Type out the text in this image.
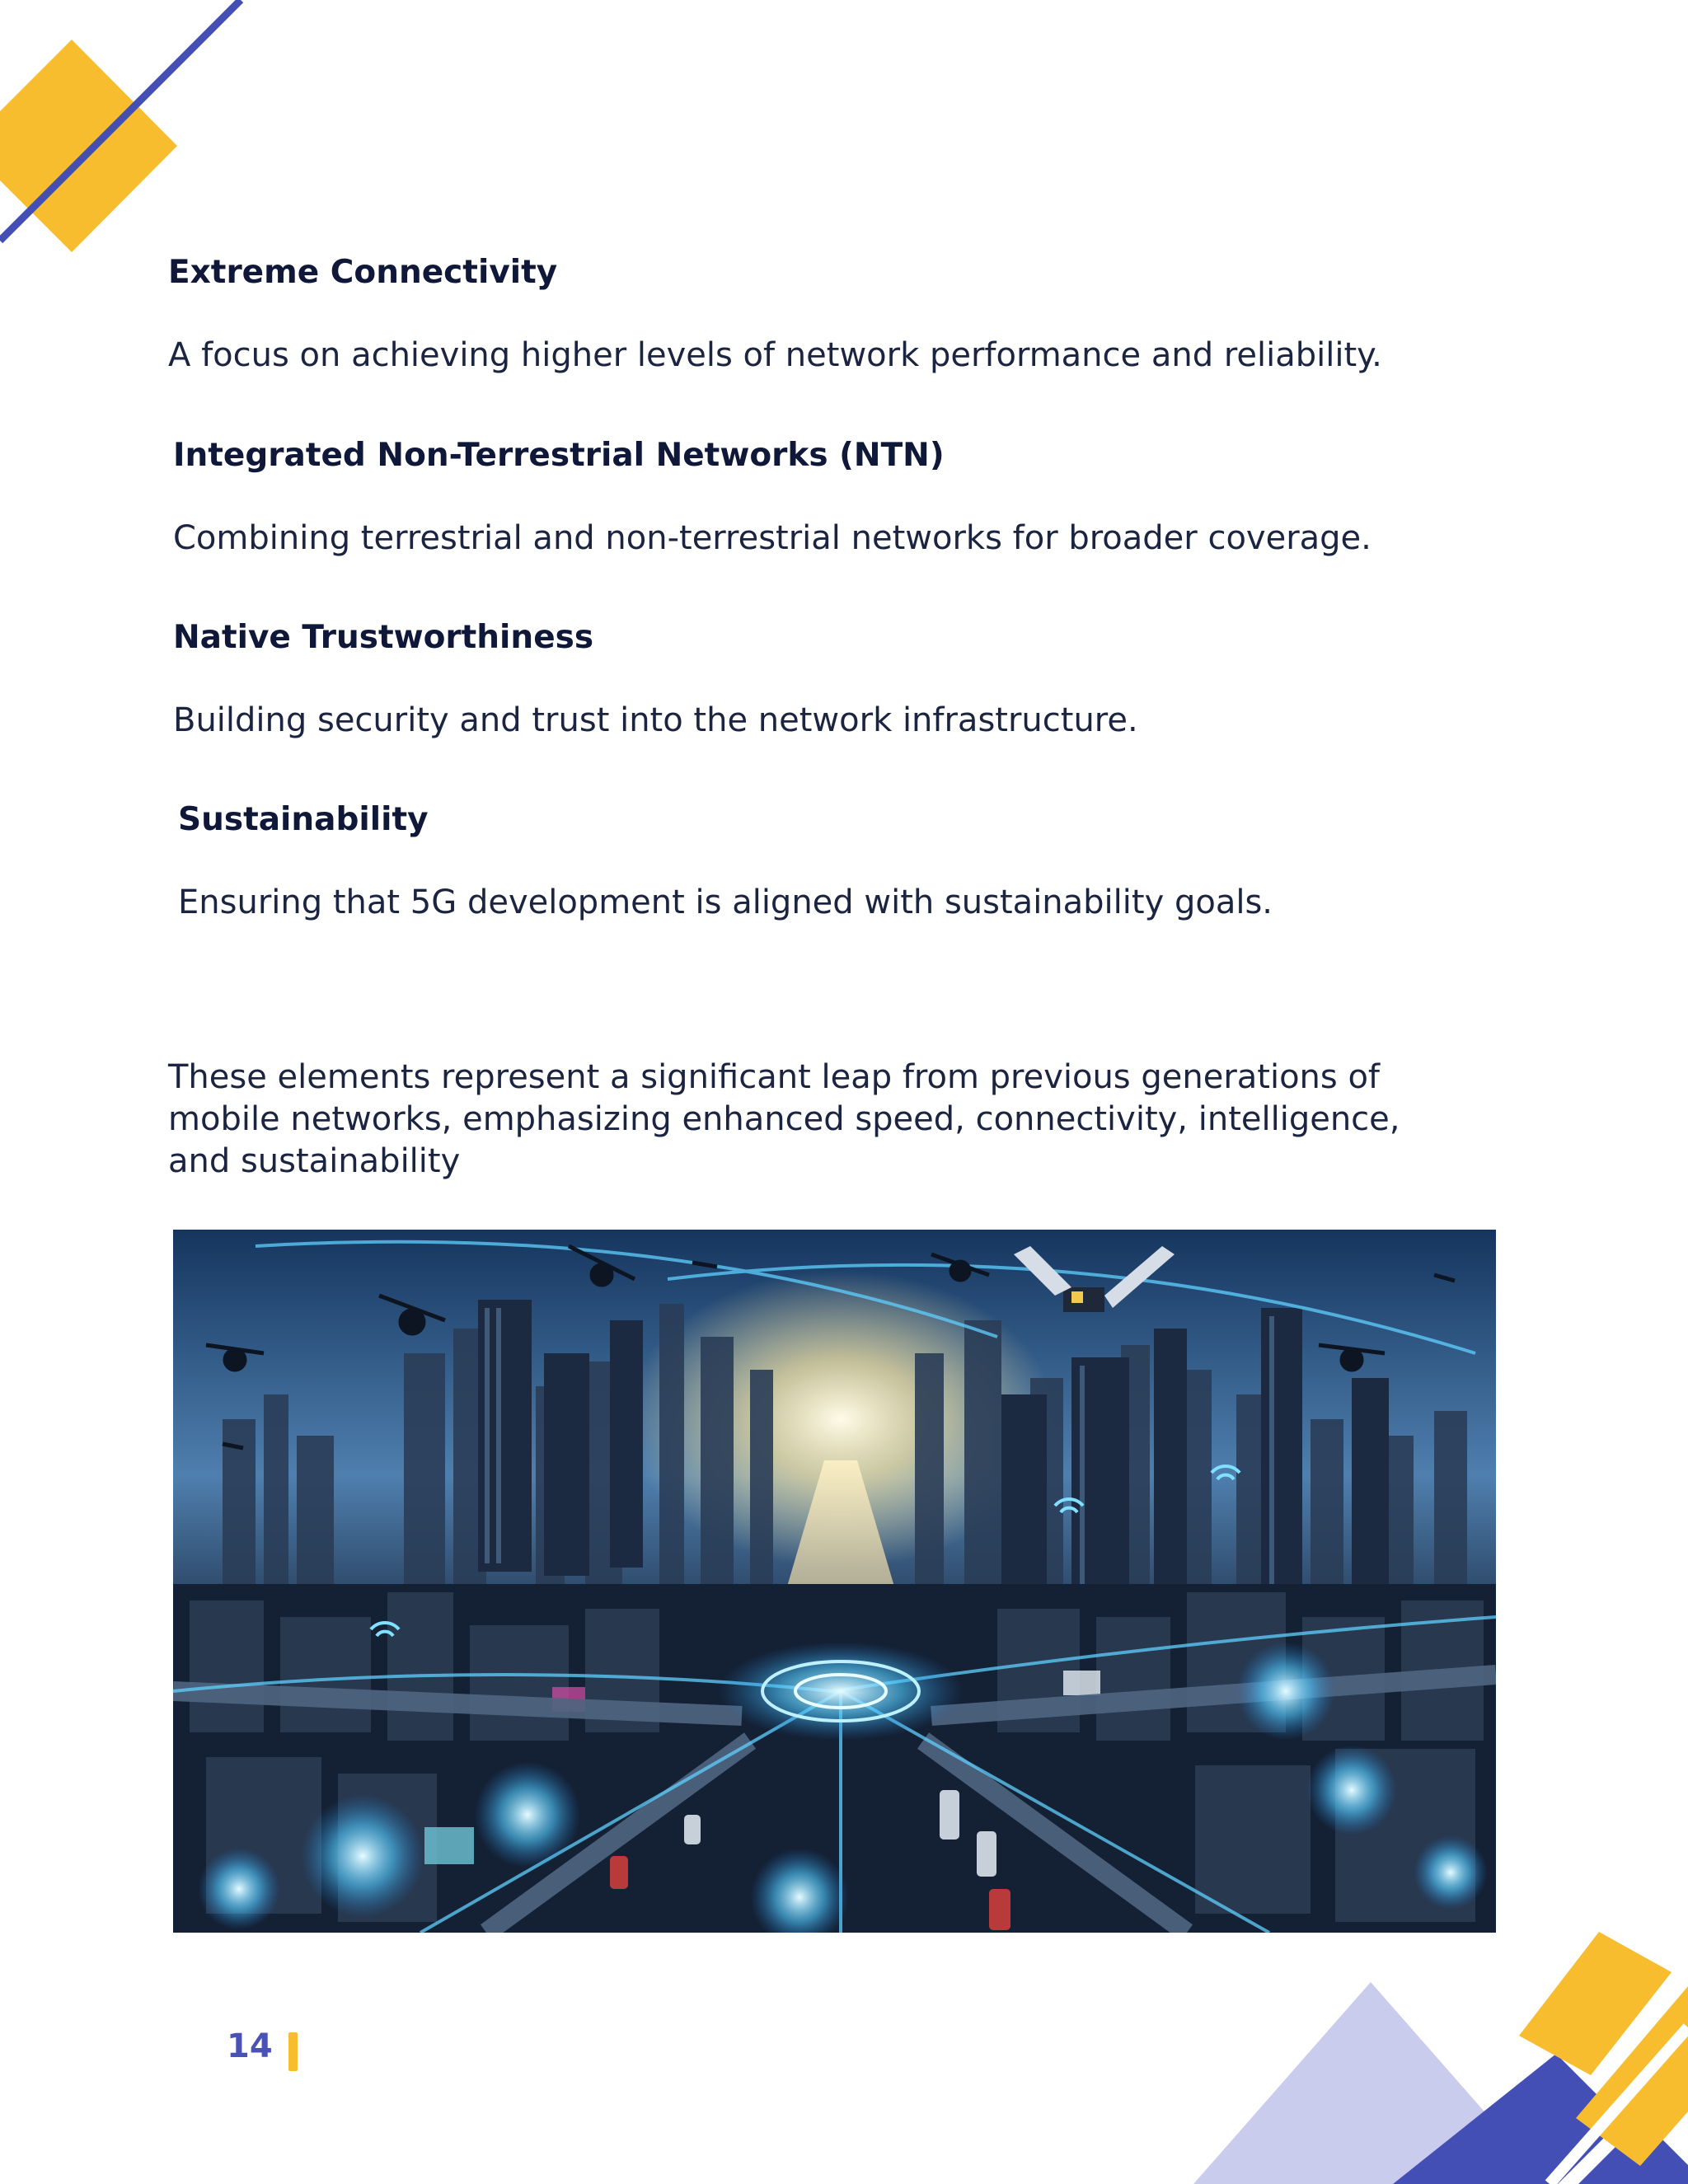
Extreme Connectivity

A focus on achieving higher levels of network performance and reliability.

Integrated Non-Terrestrial Networks (NTN)

Combining terrestrial and non-terrestrial networks for broader coverage.

Native Trustworthiness

Building security and trust into the network infrastructure.

Sustainability

Ensuring that 5G development is aligned with sustainability goals.

These elements represent a significant leap from previous generations of mobile networks, emphasizing enhanced speed, connectivity, intelligence, and sustainability

14
